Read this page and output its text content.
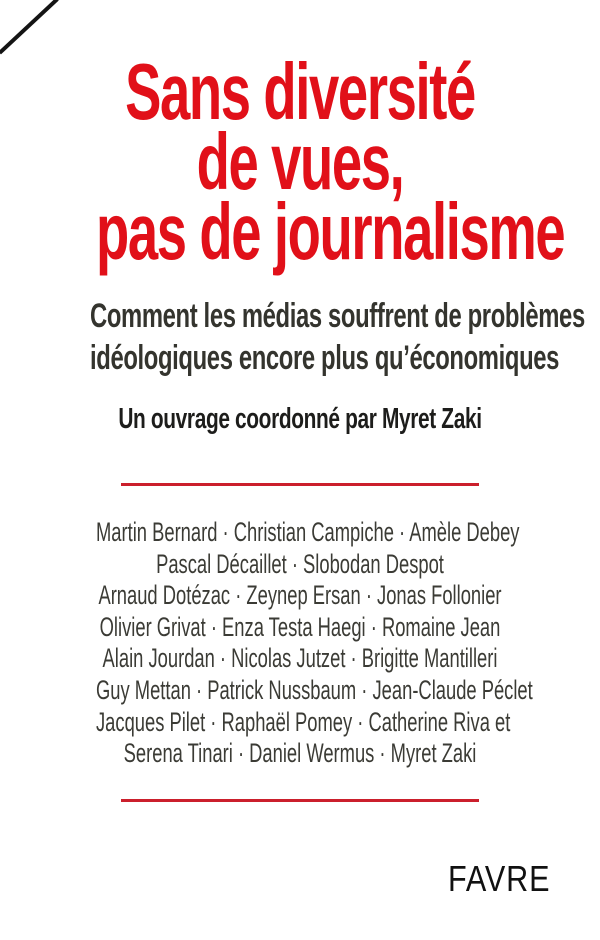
Sans diversité
de vues,
pas de journalisme
Comment les médias souffrent de problèmes
idéologiques encore plus qu’économiques
Un ouvrage coordonné par Myret Zaki
Martin Bernard · Christian Campiche · Amèle Debey
Pascal Décaillet · Slobodan Despot
Arnaud Dotézac · Zeynep Ersan · Jonas Follonier
Olivier Grivat · Enza Testa Haegi · Romaine Jean
Alain Jourdan · Nicolas Jutzet · Brigitte Mantilleri
Guy Mettan · Patrick Nussbaum · Jean-Claude Péclet
Jacques Pilet · Raphaël Pomey · Catherine Riva et
Serena Tinari · Daniel Wermus · Myret Zaki
FAVRE
